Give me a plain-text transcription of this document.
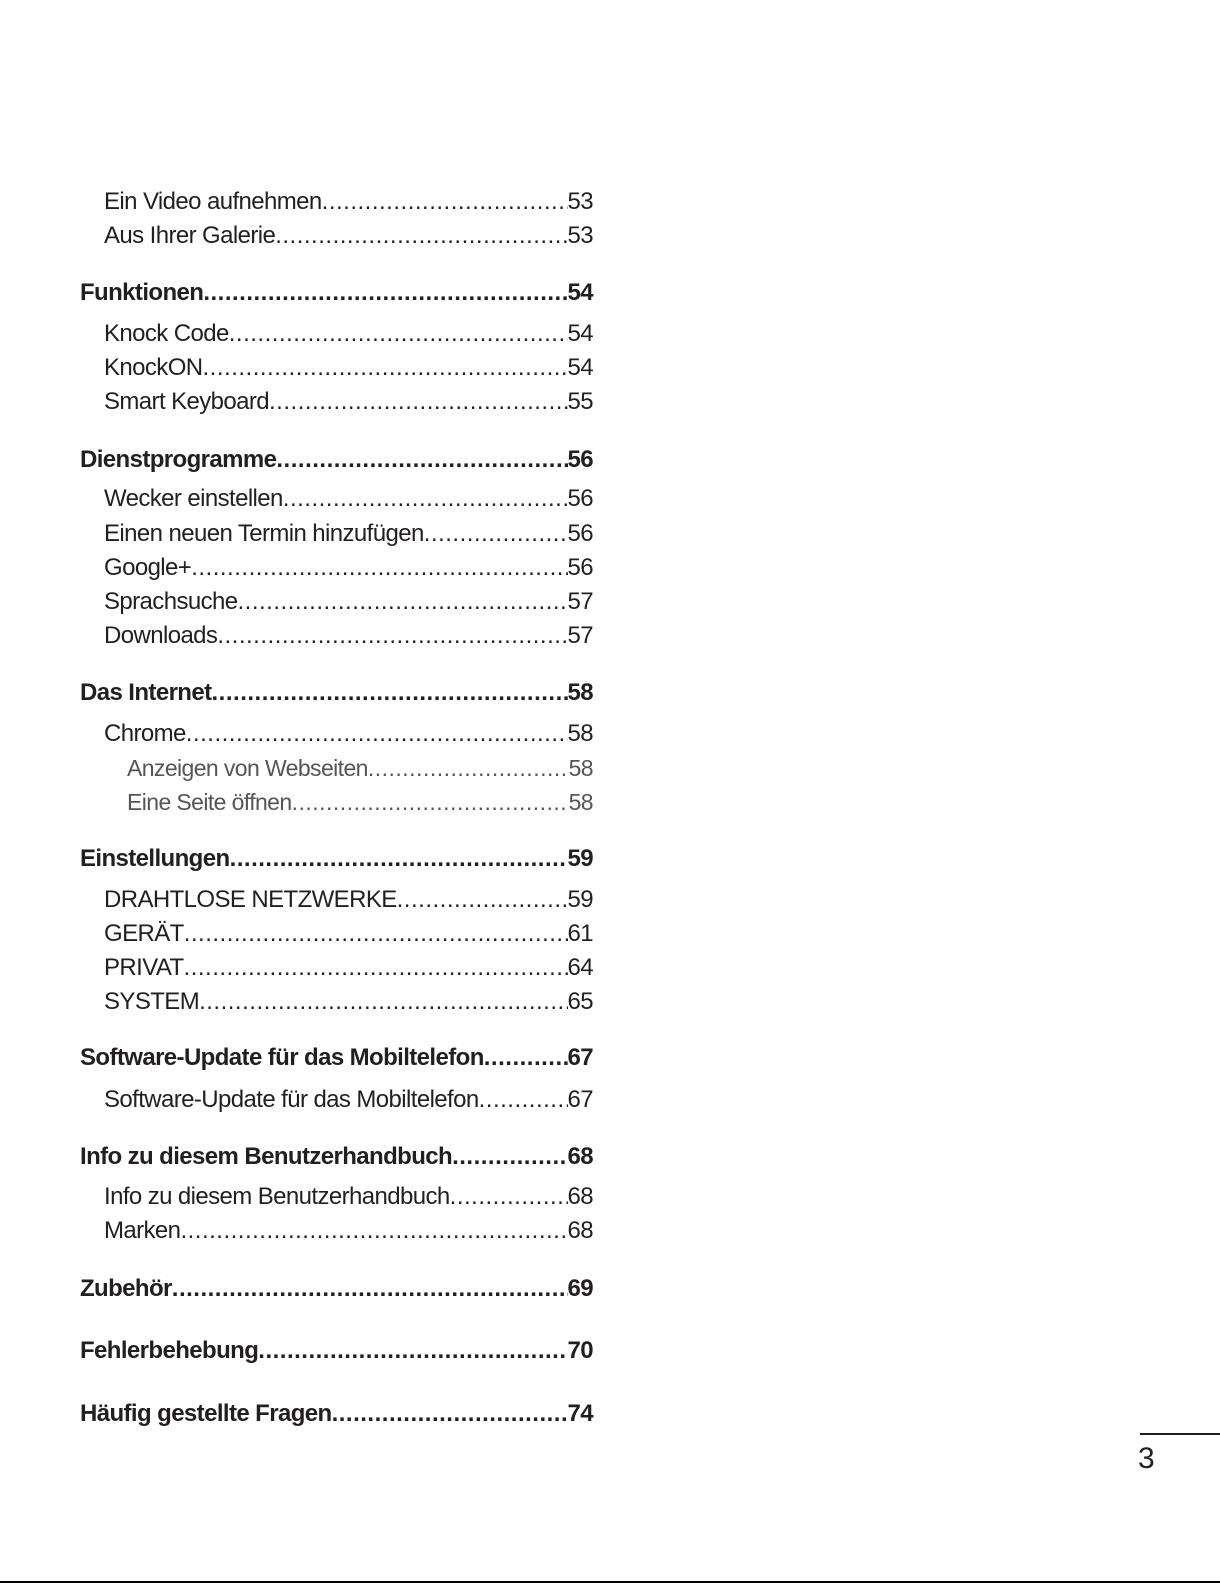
Ein Video aufnehmen .....	53
Aus Ihrer Galerie .....	53
Funktionen .....	54
Knock Code .....	54
KnockON .....	54
Smart Keyboard .....	55
Dienstprogramme .....	56
Wecker einstellen .....	56
Einen neuen Termin hinzufügen .....	56
Google+ .....	56
Sprachsuche .....	57
Downloads .....	57
Das Internet .....	58
Chrome .....	58
Anzeigen von Webseiten .....	58
Eine Seite öffnen .....	58
Einstellungen .....	59
DRAHTLOSE NETZWERKE .....	59
GERÄT .....	61
PRIVAT .....	64
SYSTEM .....	65
Software-Update für das Mobiltelefon .....	67
Software-Update für das Mobiltelefon .....	67
Info zu diesem Benutzerhandbuch .....	68
Info zu diesem Benutzerhandbuch .....	68
Marken .....	68
Zubehör .....	69
Fehlerbehebung .....	70
Häufig gestellte Fragen .....	74
3
